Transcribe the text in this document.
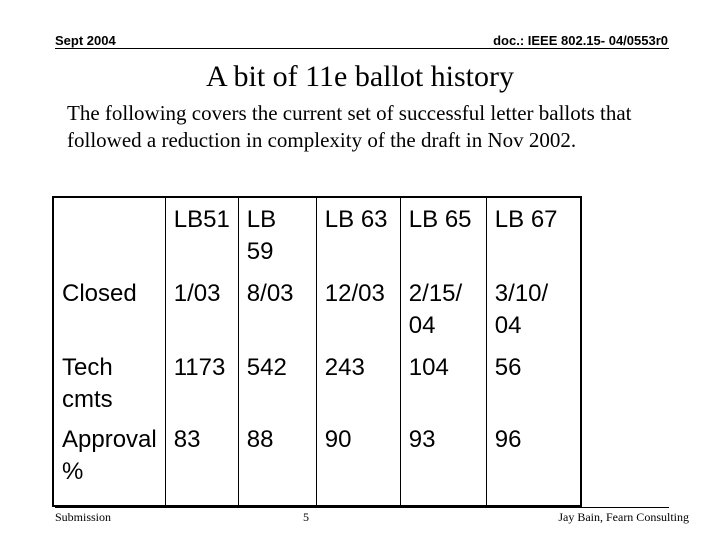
Sept 2004	doc.: IEEE 802.15- 04/0553r0
A bit of 11e ballot history
The following covers the current set of successful letter ballots that followed a reduction in complexity of the draft in Nov 2002.
	LB51	LB 59	LB 63	LB 65	LB 67
Closed	1/03	8/03	12/03	2/15/ 04	3/10/ 04
Tech cmts	1173	542	243	104	56
Approval %	83	88	90	93	96
Submission	5	Jay Bain, Fearn Consulting
